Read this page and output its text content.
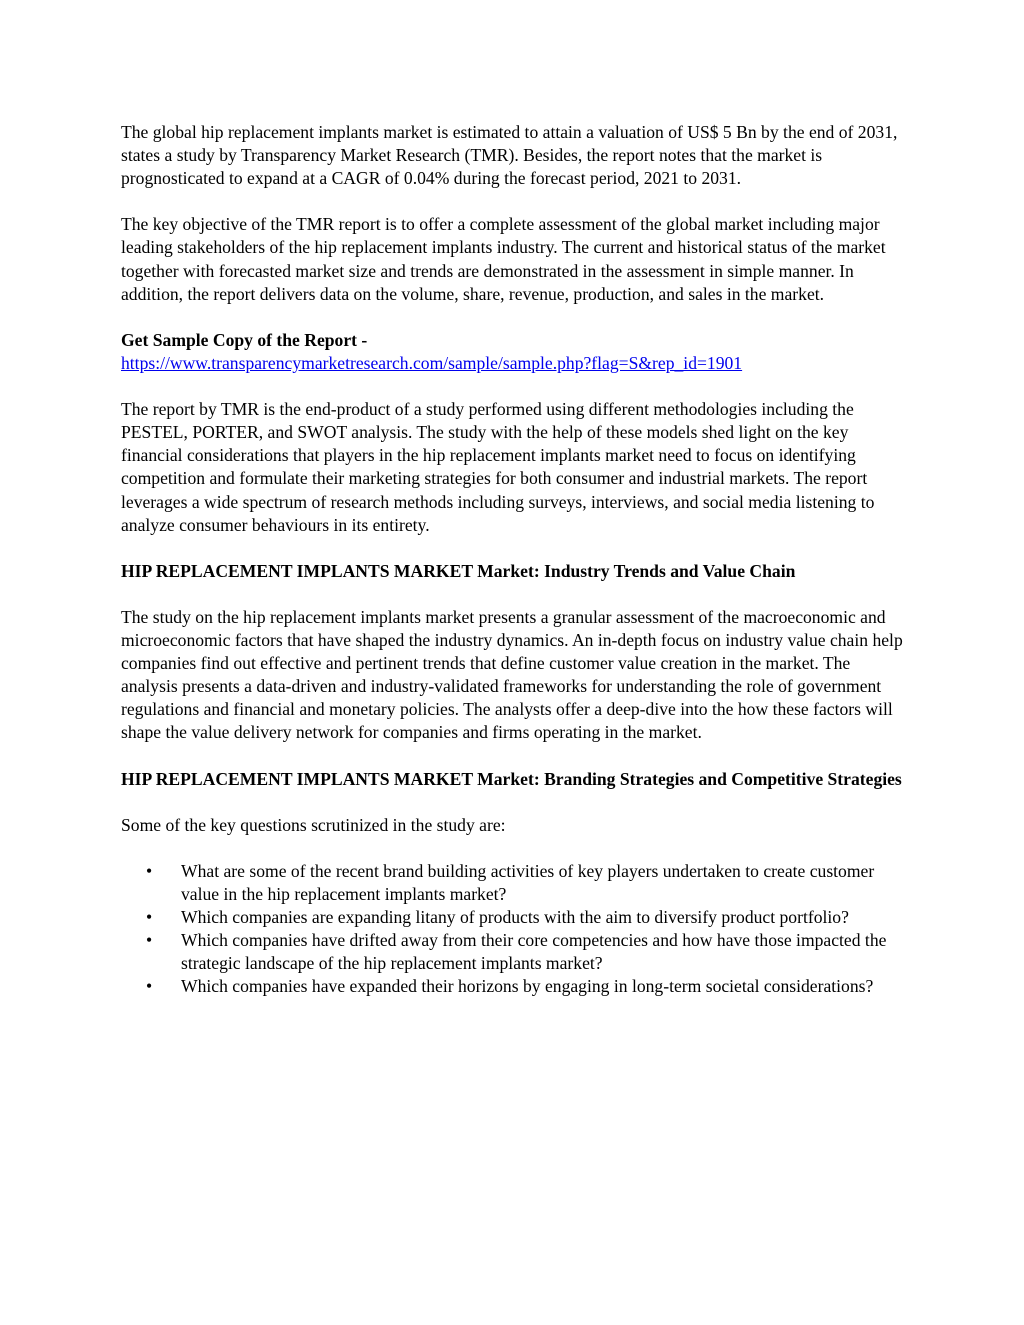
The global hip replacement implants market is estimated to attain a valuation of US$ 5 Bn by the end of 2031, states a study by Transparency Market Research (TMR). Besides, the report notes that the market is prognosticated to expand at a CAGR of 0.04% during the forecast period, 2021 to 2031.

The key objective of the TMR report is to offer a complete assessment of the global market including major leading stakeholders of the hip replacement implants industry. The current and historical status of the market together with forecasted market size and trends are demonstrated in the assessment in simple manner. In addition, the report delivers data on the volume, share, revenue, production, and sales in the market.

Get Sample Copy of the Report -
https://www.transparencymarketresearch.com/sample/sample.php?flag=S&rep_id=1901

The report by TMR is the end-product of a study performed using different methodologies including the PESTEL, PORTER, and SWOT analysis. The study with the help of these models shed light on the key financial considerations that players in the hip replacement implants market need to focus on identifying competition and formulate their marketing strategies for both consumer and industrial markets. The report leverages a wide spectrum of research methods including surveys, interviews, and social media listening to analyze consumer behaviours in its entirety.

HIP REPLACEMENT IMPLANTS MARKET Market: Industry Trends and Value Chain

The study on the hip replacement implants market presents a granular assessment of the macroeconomic and microeconomic factors that have shaped the industry dynamics. An in-depth focus on industry value chain help companies find out effective and pertinent trends that define customer value creation in the market. The analysis presents a data-driven and industry-validated frameworks for understanding the role of government regulations and financial and monetary policies. The analysts offer a deep-dive into the how these factors will shape the value delivery network for companies and firms operating in the market.

HIP REPLACEMENT IMPLANTS MARKET Market: Branding Strategies and Competitive Strategies

Some of the key questions scrutinized in the study are:

• What are some of the recent brand building activities of key players undertaken to create customer value in the hip replacement implants market?
• Which companies are expanding litany of products with the aim to diversify product portfolio?
• Which companies have drifted away from their core competencies and how have those impacted the strategic landscape of the hip replacement implants market?
• Which companies have expanded their horizons by engaging in long-term societal considerations?
